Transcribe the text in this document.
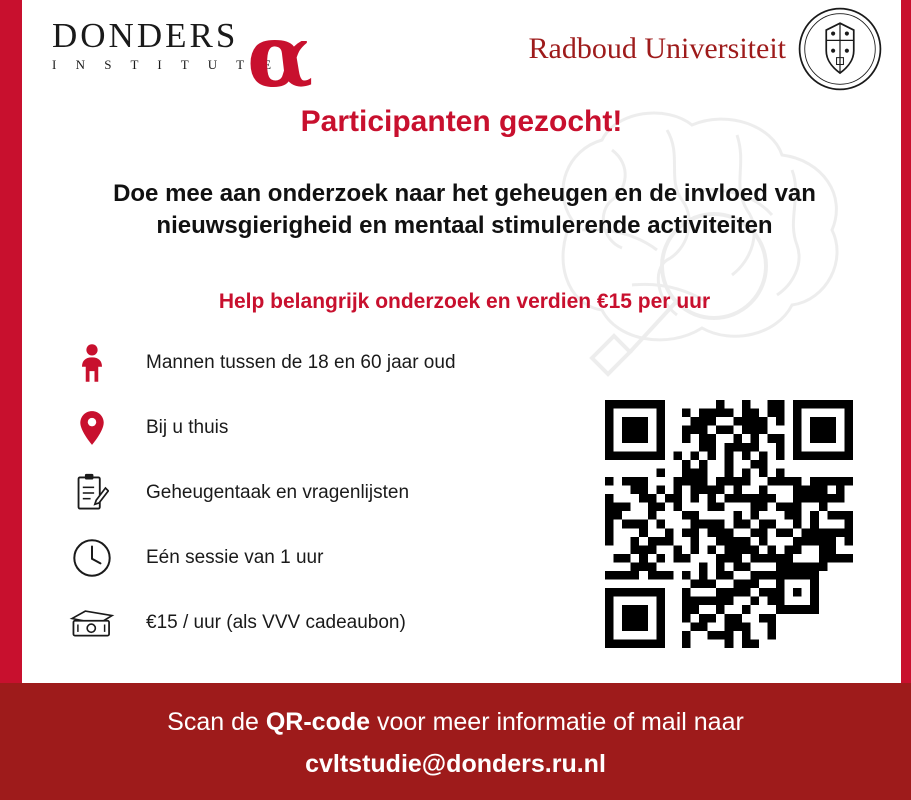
DONDERS
I N S T I T U T E
α	Radboud Universiteit
Participanten gezocht!
Doe mee aan onderzoek naar het geheugen en de invloed van
nieuwsgierigheid en mentaal stimulerende activiteiten
Help belangrijk onderzoek en verdien €15 per uur
Mannen tussen de 18 en 60 jaar oud
Bij u thuis
Geheugentaak en vragenlijsten
Eén sessie van 1 uur
€15 / uur (als VVV cadeaubon)
Scan de QR-code voor meer informatie of mail naar
cvltstudie@donders.ru.nl
